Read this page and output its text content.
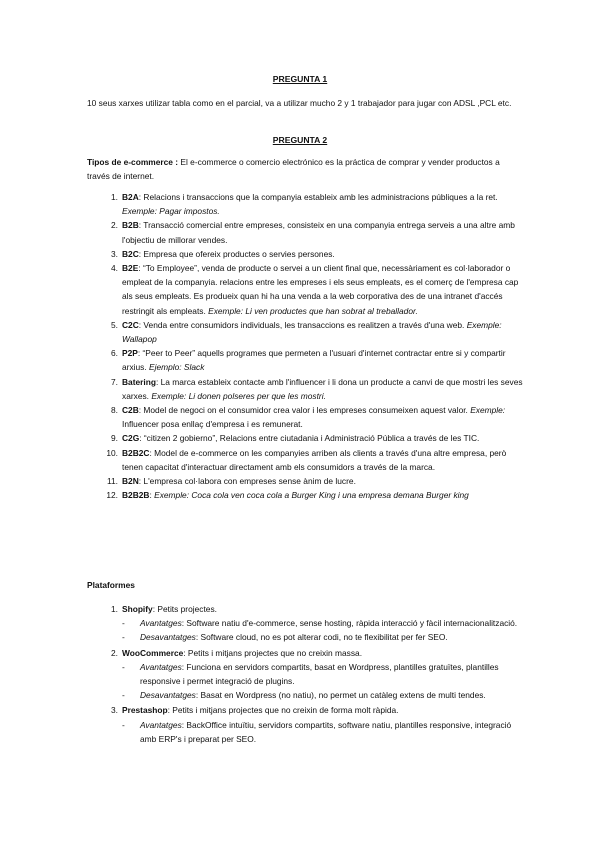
PREGUNTA 1
10 seus xarxes utilizar tabla como en el parcial, va a utilizar mucho 2 y 1 trabajador para jugar con ADSL ,PCL etc.
PREGUNTA 2
Tipos de e-commerce : El e-commerce o comercio electrónico es la práctica de comprar y vender productos a través de internet.
1. B2A: Relacions i transaccions que la companyia estableix amb les administracions públiques a la ret. Exemple: Pagar impostos.
2. B2B: Transacció comercial entre empreses, consisteix en una companyia entrega serveis a una altre amb l'objectiu de millorar vendes.
3. B2C: Empresa que ofereix productes o servies persones.
4. B2E: “To Employee”, venda de producte o servei a un client final que, necessàriament es col·laborador o empleat de la companyia. relacions entre les empreses i els seus empleats, es el comerç de l'empresa cap als seus empleats. Es produeix quan hi ha una venda a la web corporativa des de una intranet d'accés restringit als empleats. Exemple: Li ven productes que han sobrat al treballador.
5. C2C: Venda entre consumidors individuals, les transaccions es realitzen a través d'una web. Exemple: Wallapop
6. P2P: “Peer to Peer” aquells programes que permeten a l'usuari d'internet contractar entre si y compartir arxius. Ejemplo: Slack
7. Batering: La marca estableix contacte amb l'influencer i li dona un producte a canvi de que mostri les seves xarxes. Exemple: Li donen polseres per que les mostri.
8. C2B: Model de negoci on el consumidor crea valor i les empreses consumeixen aquest valor. Exemple: Influencer posa enllaç d'empresa i es remunerat.
9. C2G: “citizen 2 gobierno”, Relacions entre ciutadania i Administració Pública a través de les TIC.
10. B2B2C: Model de e-commerce on les companyies arriben als clients a través d'una altre empresa, però tenen capacitat d'interactuar directament amb els consumidors a través de la marca.
11. B2N: L'empresa col·labora con empreses sense ànim de lucre.
12. B2B2B: Exemple: Coca cola ven coca cola a Burger King i una empresa demana Burger king
Plataformes
1. Shopify: Petits projectes.
- Avantatges: Software natiu d'e-commerce, sense hosting, ràpida interacció y fàcil internacionalització.
- Desavantatges: Software cloud, no es pot alterar codi, no te flexibilitat per fer SEO.
2. WooCommerce: Petits i mitjans projectes que no creixin massa.
- Avantatges: Funciona en servidors compartits, basat en Wordpress, plantilles gratuïtes, plantilles responsive i permet integració de plugins.
- Desavantatges: Basat en Wordpress (no natiu), no permet un catàleg extens de multi tendes.
3. Prestashop: Petits i mitjans projectes que no creixin de forma molt ràpida.
- Avantatges: BackOffice intuïtiu, servidors compartits, software natiu, plantilles responsive, integració amb ERP's i preparat per SEO.
